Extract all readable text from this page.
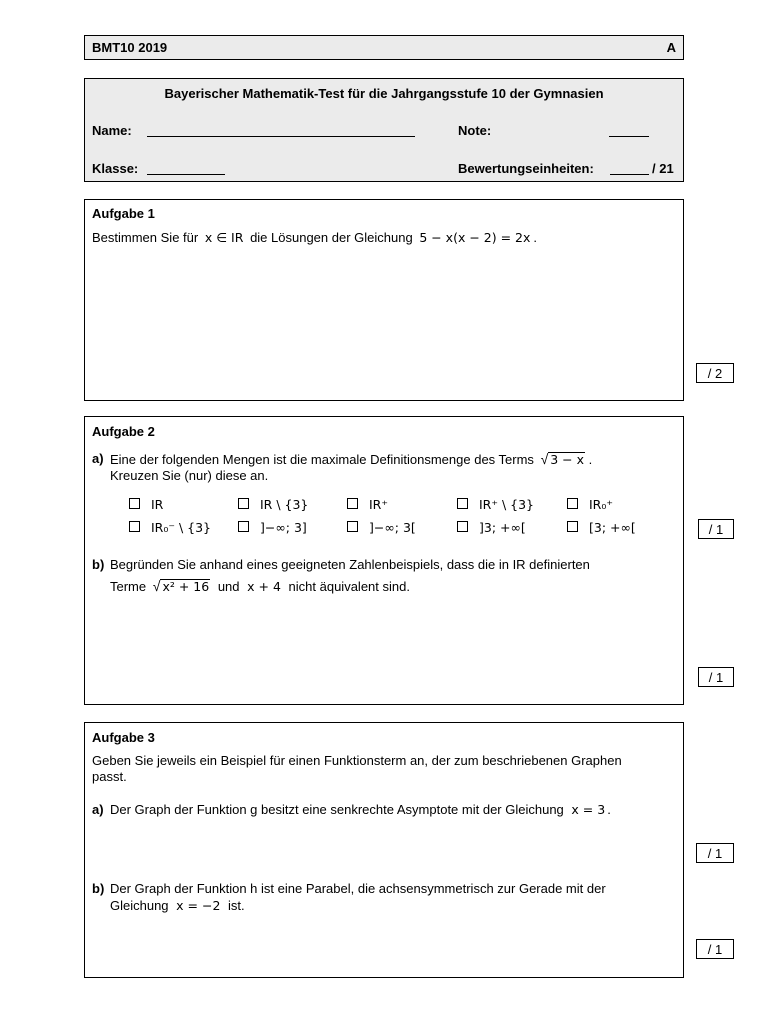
BMT10 2019	A
Bayerischer Mathematik-Test für die Jahrgangsstufe 10 der Gymnasien
Name:	Note:
Klasse:	Bewertungseinheiten:	/ 21
Aufgabe 1
Bestimmen Sie für x ∈ IR die Lösungen der Gleichung 5 − x(x − 2) = 2x .
/ 2
Aufgabe 2
a) Eine der folgenden Mengen ist die maximale Definitionsmenge des Terms √ 3 − x .
Kreuzen Sie (nur) diese an.
IR	IR \ {3}	IR⁺	IR⁺ \ {3}	IR₀⁺
IR₀⁻ \ {3}	]−∞; 3]	]−∞; 3[	]3; +∞[	[3; +∞[
b) Begründen Sie anhand eines geeigneten Zahlenbeispiels, dass die in IR definierten
Terme √ x² + 16 und x + 4 nicht äquivalent sind.
/ 1
/ 1
Aufgabe 3
Geben Sie jeweils ein Beispiel für einen Funktionsterm an, der zum beschriebenen Graphen
passt.
a) Der Graph der Funktion g besitzt eine senkrechte Asymptote mit der Gleichung x = 3 .
b) Der Graph der Funktion h ist eine Parabel, die achsensymmetrisch zur Gerade mit der
Gleichung x = −2 ist.
/ 1
/ 1
